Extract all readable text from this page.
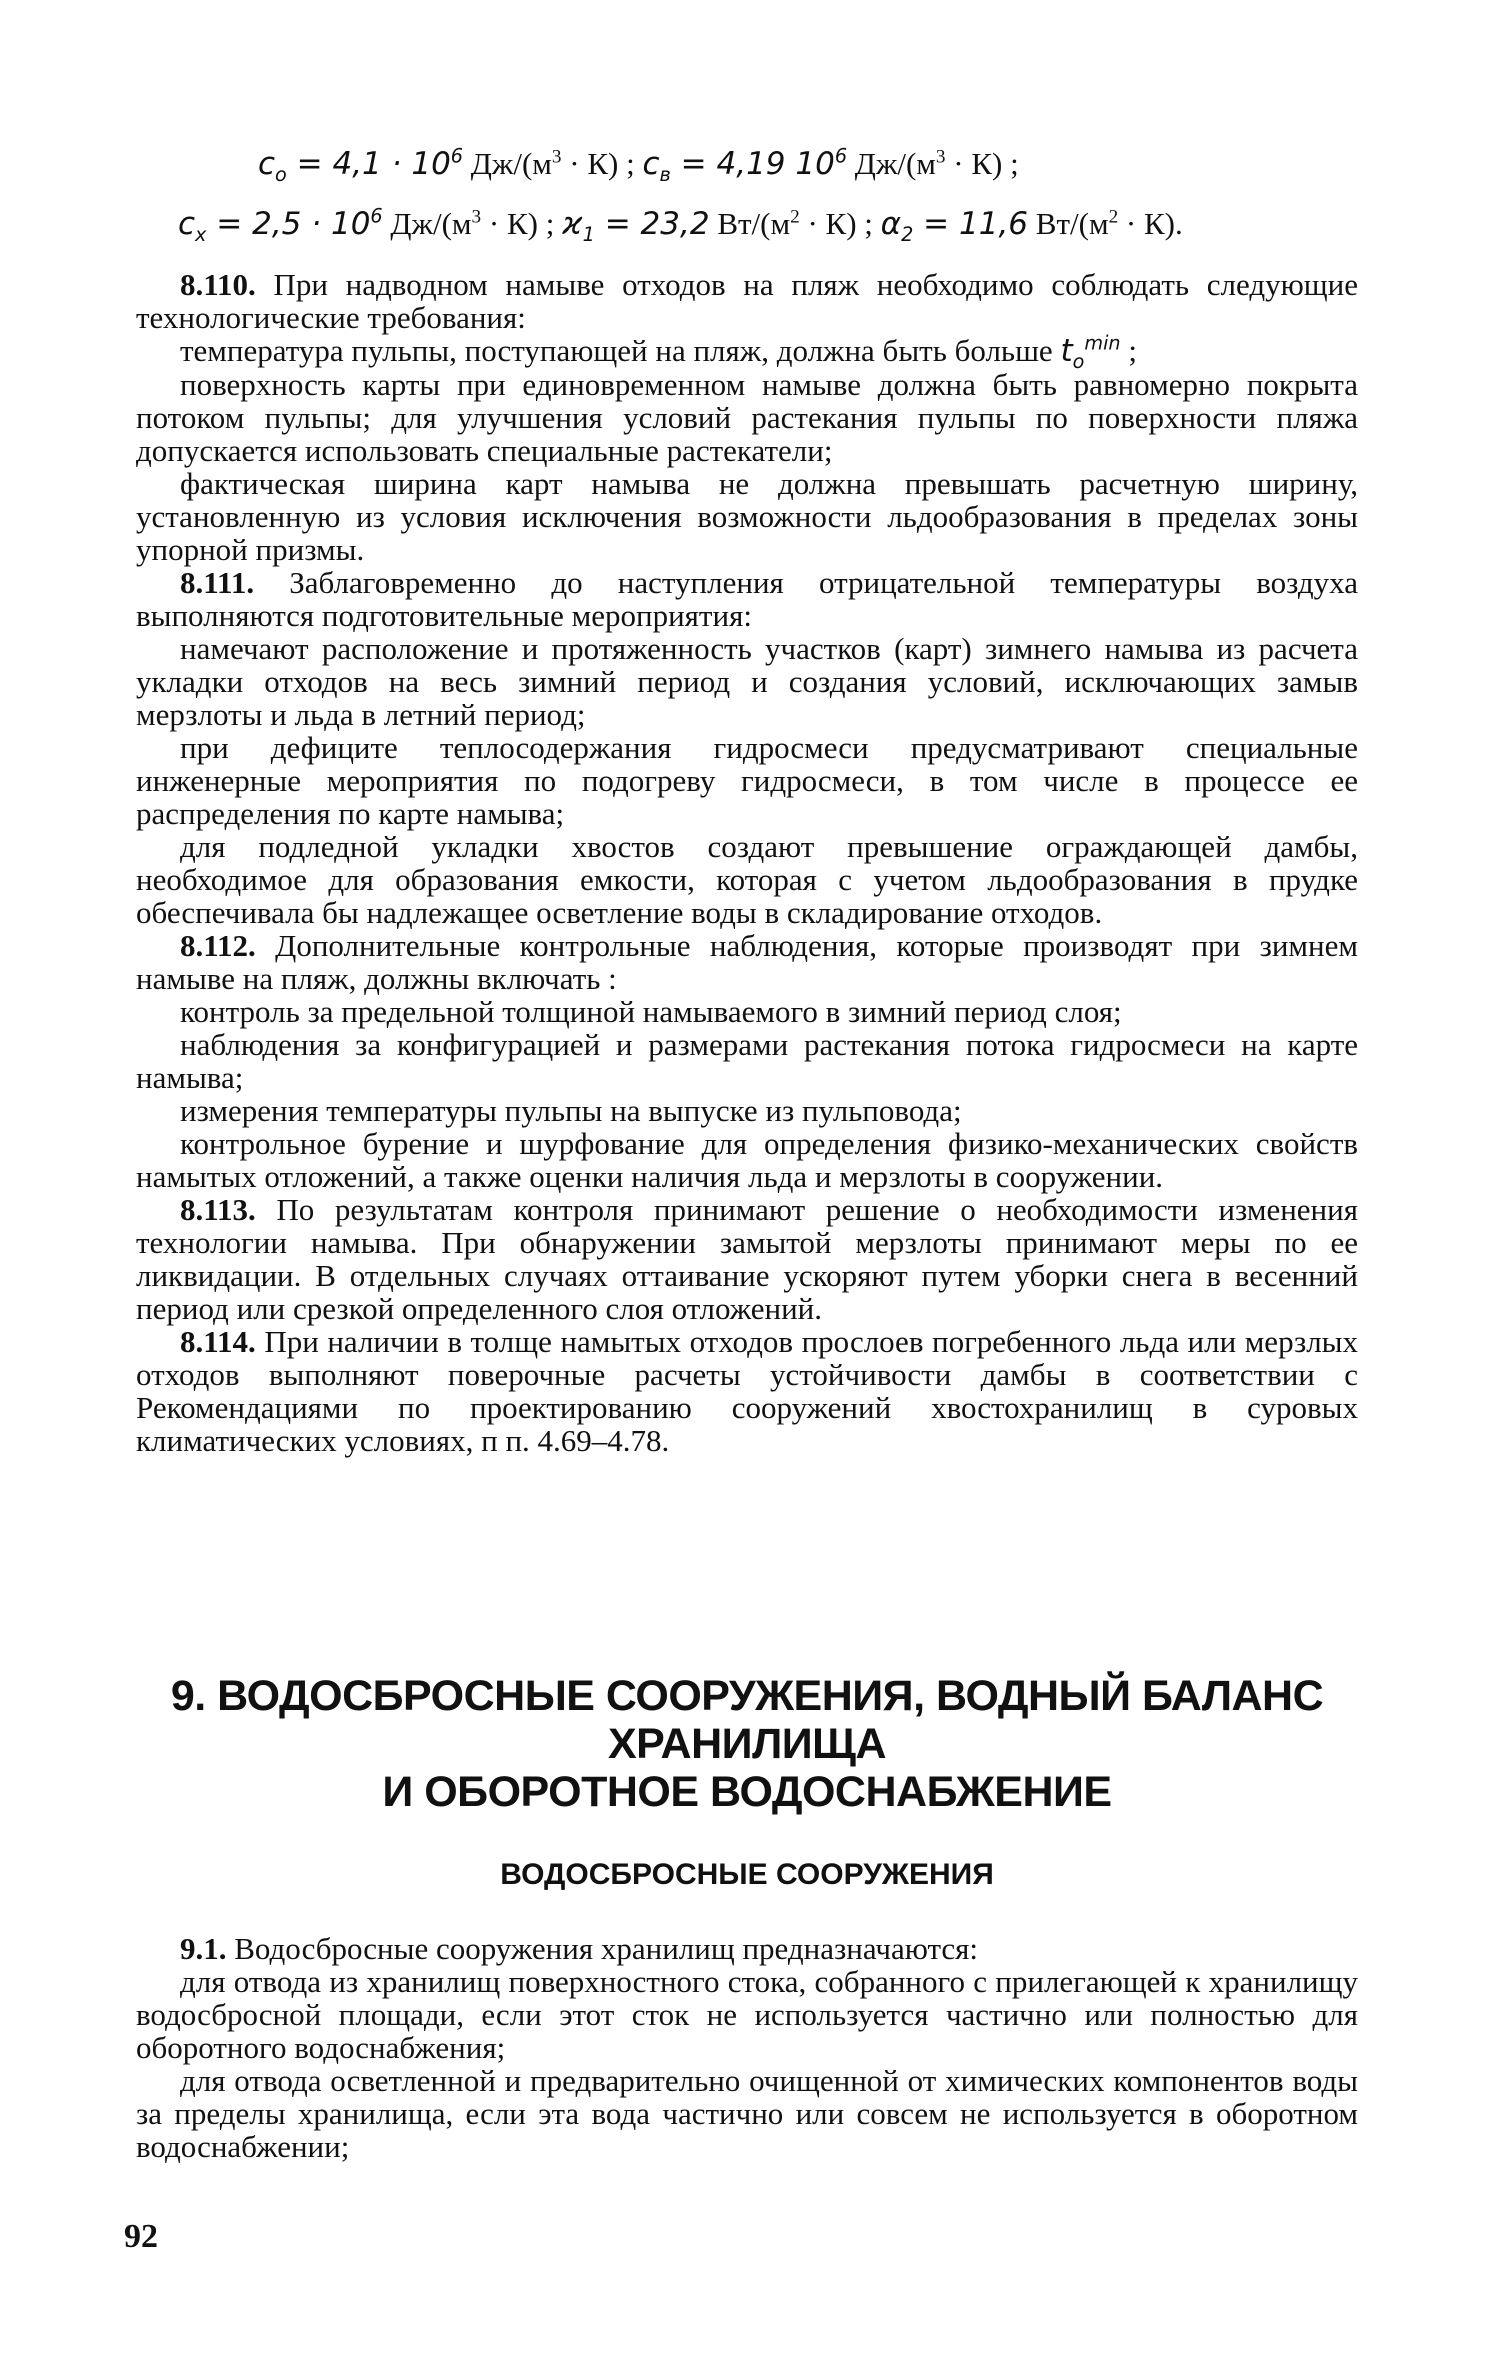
$c_o = 4,1 \cdot 10^6$ $Дж/(м^3 \cdot К)$ ; $c_в = 4,19$ $10^6$ $Дж/(м^3 \cdot К)$ ;
$c_x = 2,5 \cdot 10^6$ $Дж/(м^3 \cdot К)$ ; $ϰ_1 = 23,2$ $Вт/(м^2 \cdot К)$ ; $\alpha_2 = 11,6$ $Вт/(м^2 \cdot К)$.

8.110. При надводном намыве отходов на пляж необходимо соблюдать следующие технологические требования:

температура пульпы, поступающей на пляж, должна быть больше $t_o^{min}$ ;

поверхность карты при единовременном намыве должна быть равномерно покрыта потоком пульпы; для улучшения условий растекания пульпы по поверхности пляжа допускается использовать специальные растекатели;

фактическая ширина карт намыва не должна превышать расчетную ширину, установленную из условия исключения возможности льдообразования в пределах зоны упорной призмы.

8.111. Заблаговременно до наступления отрицательной температуры воздуха выполняются подготовительные мероприятия:

намечают расположение и протяженность участков (карт) зимнего намыва из расчета укладки отходов на весь зимний период и создания условий, исключающих замыв мерзлоты и льда в летний период;

при дефиците теплосодержания гидросмеси предусматривают специальные инженерные мероприятия по подогреву гидросмеси, в том числе в процессе ее распределения по карте намыва;

для подледной укладки хвостов создают превышение ограждающей дамбы, необходимое для образования емкости, которая с учетом льдообразования в прудке обеспечивала бы надлежащее осветление воды в складирование отходов.

8.112. Дополнительные контрольные наблюдения, которые производят при зимнем намыве на пляж, должны включать :

контроль за предельной толщиной намываемого в зимний период слоя;

наблюдения за конфигурацией и размерами растекания потока гидросмеси на карте намыва;

измерения температуры пульпы на выпуске из пульповода;

контрольное бурение и шурфование для определения физико-механических свойств намытых отложений, а также оценки наличия льда и мерзлоты в сооружении.

8.113. По результатам контроля принимают решение о необходимости изменения технологии намыва. При обнаружении замытой мерзлоты принимают меры по ее ликвидации. В отдельных случаях оттаивание ускоряют путем уборки снега в весенний период или срезкой определенного слоя отложений.

8.114. При наличии в толще намытых отходов прослоев погребенного льда или мерзлых отходов выполняют поверочные расчеты устойчивости дамбы в соответствии с Рекомендациями по проектированию сооружений хвостохранилищ в суровых климатических условиях, п п. 4.69–4.78.

9. ВОДОСБРОСНЫЕ СООРУЖЕНИЯ, ВОДНЫЙ БАЛАНС
ХРАНИЛИЩА
И ОБОРОТНОЕ ВОДОСНАБЖЕНИЕ
ВОДОСБРОСНЫЕ СООРУЖЕНИЯ

9.1. Водосбросные сооружения хранилищ предназначаются:

для отвода из хранилищ поверхностного стока, собранного с прилегающей к хранилищу водосбросной площади, если этот сток не используется частично или полностью для оборотного водоснабжения;

для отвода осветленной и предварительно очищенной от химических компонентов воды за пределы хранилища, если эта вода частично или совсем не используется в оборотном водоснабжении;

92
